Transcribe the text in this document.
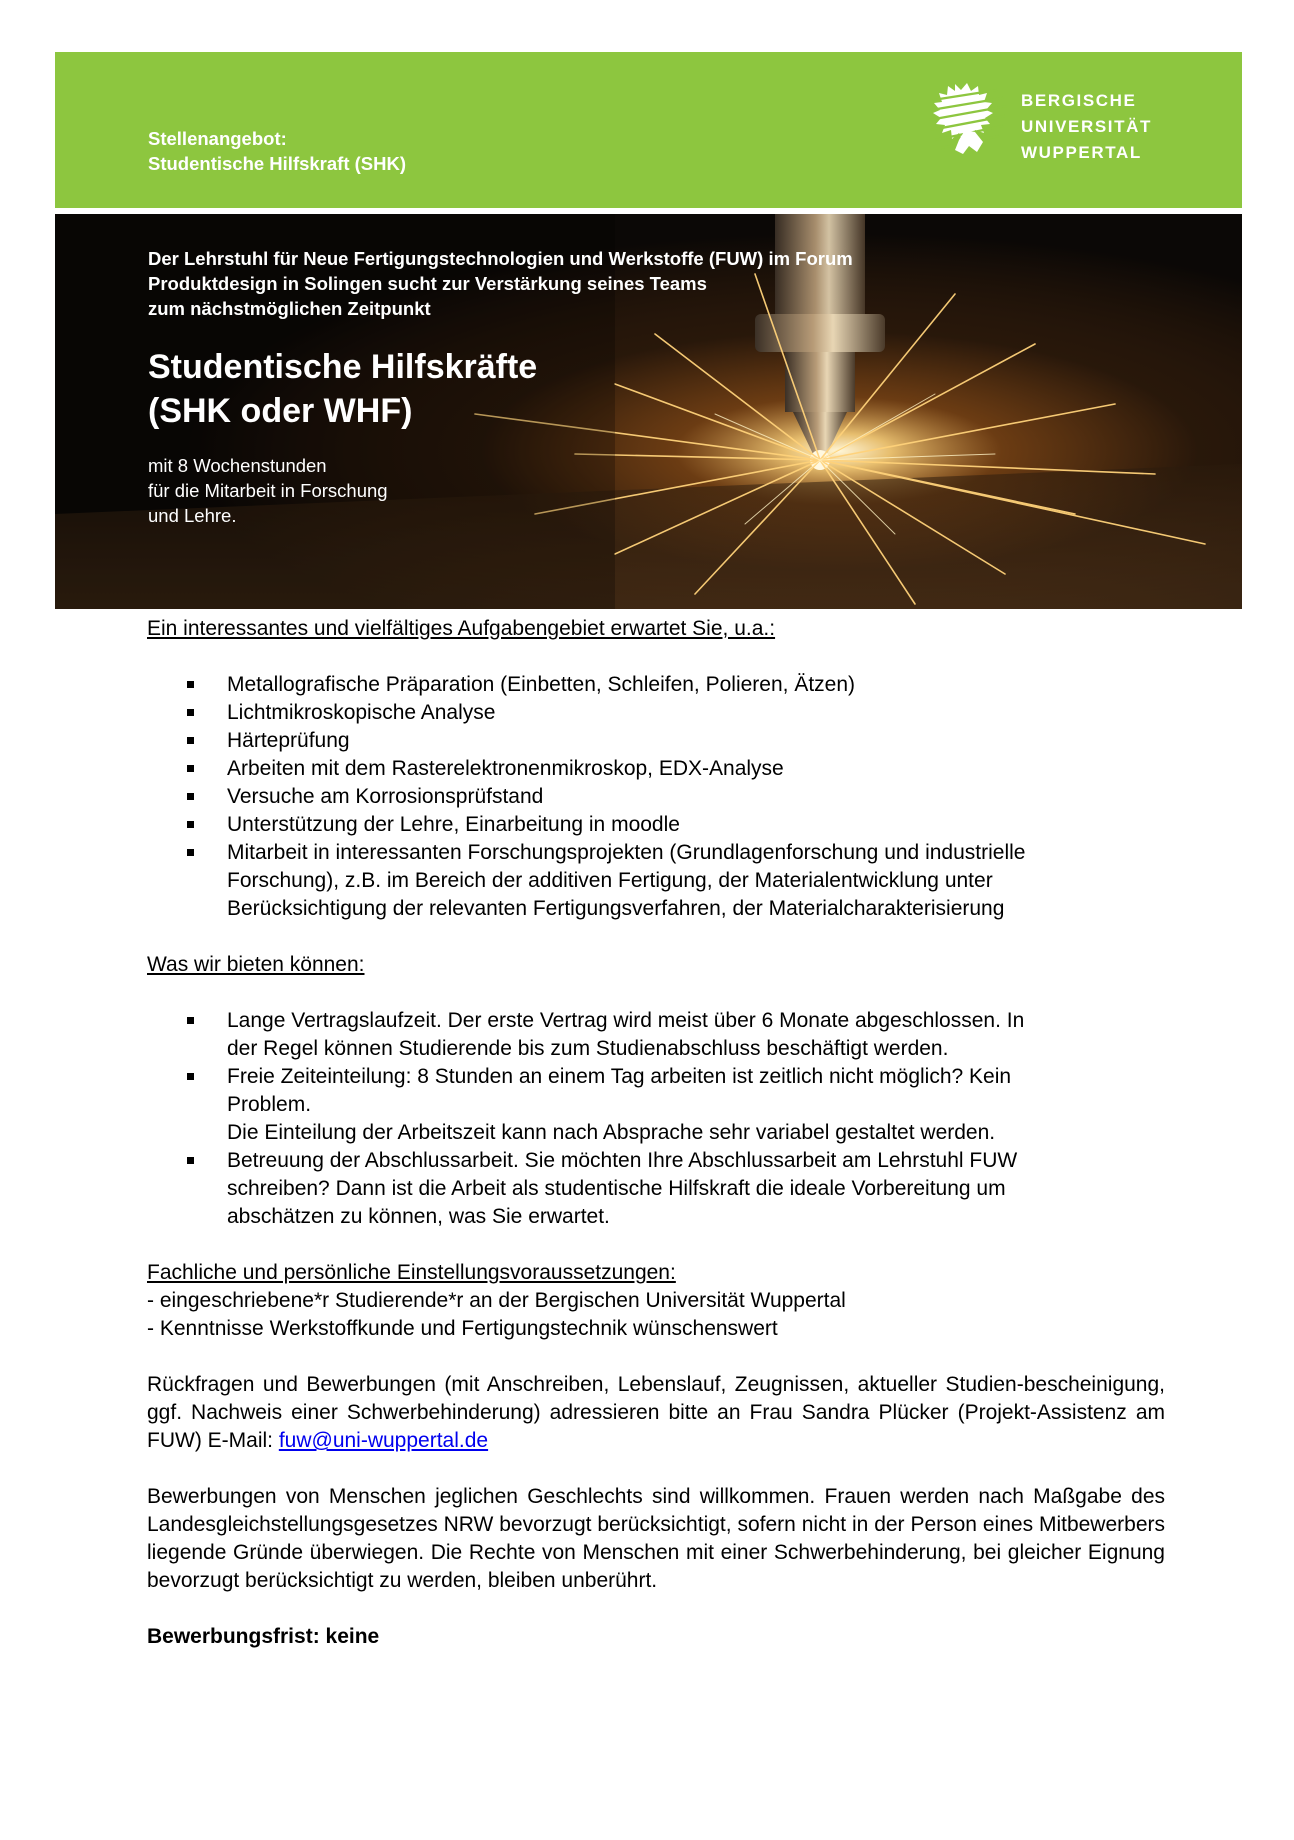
Stellenangebot:
Studentische Hilfskraft (SHK)
BERGISCHE
UNIVERSITÄT
WUPPERTAL
Der Lehrstuhl für Neue Fertigungstechnologien und Werkstoffe (FUW) im Forum
Produktdesign in Solingen sucht zur Verstärkung seines Teams
zum nächstmöglichen Zeitpunkt
Studentische Hilfskräfte
(SHK oder WHF)
mit 8 Wochenstunden
für die Mitarbeit in Forschung
und Lehre.

Ein interessantes und vielfältiges Aufgabengebiet erwartet Sie, u.a.:

Metallografische Präparation (Einbetten, Schleifen, Polieren, Ätzen)
Lichtmikroskopische Analyse
Härteprüfung
Arbeiten mit dem Rasterelektronenmikroskop, EDX-Analyse
Versuche am Korrosionsprüfstand
Unterstützung der Lehre, Einarbeitung in moodle
Mitarbeit in interessanten Forschungsprojekten (Grundlagenforschung und industrielle
Forschung), z.B. im Bereich der additiven Fertigung, der Materialentwicklung unter
Berücksichtigung der relevanten Fertigungsverfahren, der Materialcharakterisierung

Was wir bieten können:

Lange Vertragslaufzeit. Der erste Vertrag wird meist über 6 Monate abgeschlossen. In
der Regel können Studierende bis zum Studienabschluss beschäftigt werden.
Freie Zeiteinteilung: 8 Stunden an einem Tag arbeiten ist zeitlich nicht möglich? Kein
Problem.
Die Einteilung der Arbeitszeit kann nach Absprache sehr variabel gestaltet werden.
Betreuung der Abschlussarbeit. Sie möchten Ihre Abschlussarbeit am Lehrstuhl FUW
schreiben? Dann ist die Arbeit als studentische Hilfskraft die ideale Vorbereitung um
abschätzen zu können, was Sie erwartet.

Fachliche und persönliche Einstellungsvoraussetzungen:

- eingeschriebene*r Studierende*r an der Bergischen Universität Wuppertal
- Kenntnisse Werkstoffkunde und Fertigungstechnik wünschenswert

Rückfragen und Bewerbungen (mit Anschreiben, Lebenslauf, Zeugnissen, aktueller Studien-bescheinigung, ggf. Nachweis einer Schwerbehinderung) adressieren bitte an Frau Sandra Plücker (Projekt-Assistenz am FUW) E-Mail: fuw@uni-wuppertal.de

Bewerbungen von Menschen jeglichen Geschlechts sind willkommen. Frauen werden nach Maßgabe des Landesgleichstellungsgesetzes NRW bevorzugt berücksichtigt, sofern nicht in der Person eines Mitbewerbers liegende Gründe überwiegen. Die Rechte von Menschen mit einer Schwerbehinderung, bei gleicher Eignung bevorzugt berücksichtigt zu werden, bleiben unberührt.

Bewerbungsfrist: keine
